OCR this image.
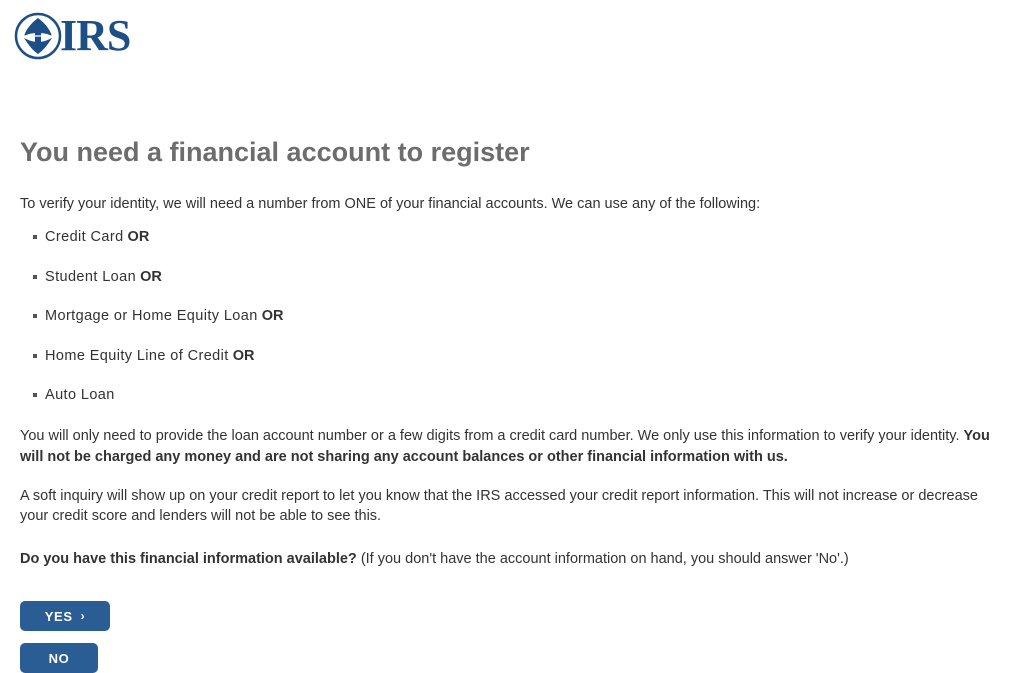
IRS
You need a financial account to register

To verify your identity, we will need a number from ONE of your financial accounts. We can use any of the following:

Credit Card OR
Student Loan OR
Mortgage or Home Equity Loan OR
Home Equity Line of Credit OR
Auto Loan

You will only need to provide the loan account number or a few digits from a credit card number. We only use this information to verify your identity. You will not be charged any money and are not sharing any account balances or other financial information with us.

A soft inquiry will show up on your credit report to let you know that the IRS accessed your credit report information. This will not increase or decrease your credit score and lenders will not be able to see this.

Do you have this financial information available? (If you don't have the account information on hand, you should answer 'No'.)

YES ›
NO
